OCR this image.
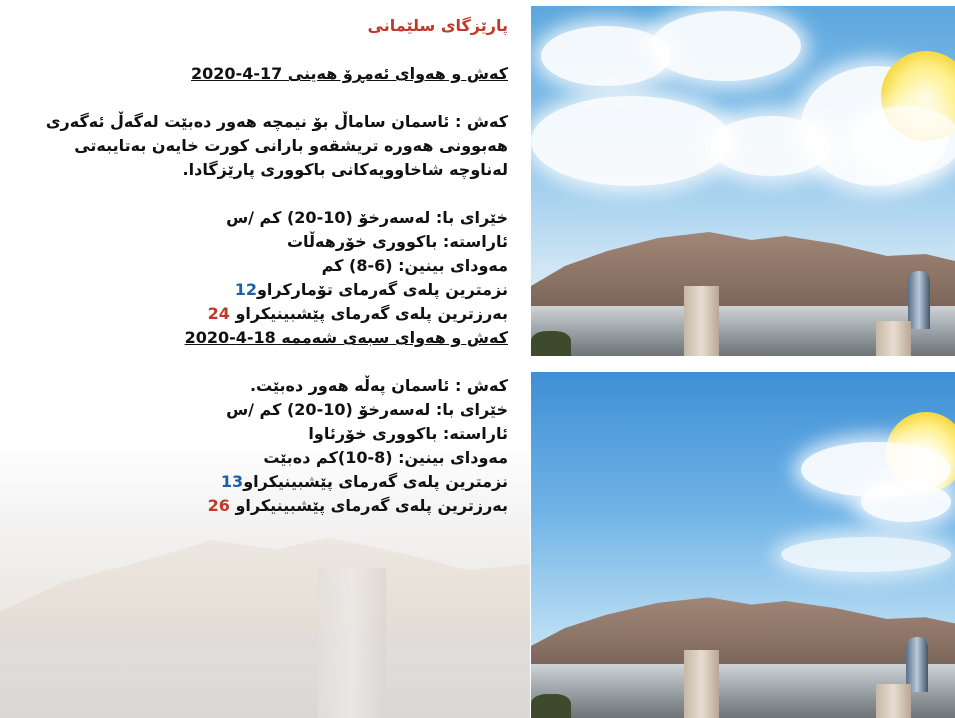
پارێزگای سلێمانی
کەش و هەوای ئەمڕۆ هەینی 17-4-2020
کەش : ئاسمان ساماڵ بۆ نیمچە هەور دەبێت لەگەڵ ئەگەری
هەبوونی هەورە تریشقەو بارانی کورت خایەن بەتایبەتی
لەناوچە شاخاوویەکانی باکووری پارێزگادا.
خێرای با: لەسەرخۆ (10-20) کم /س
ئاراستە: باکووری خۆرهەڵات
مەودای بینین: (6-8) کم
نزمترین پلەی گەرمای تۆمارکراو12
بەرزترین پلەی گەرمای پێشبینیکراو 24
کەش و هەوای سبەی شەممە 18-4-2020
کەش : ئاسمان پەڵە هەور دەبێت.
خێرای با: لەسەرخۆ (10-20) کم /س
ئاراستە: باکووری خۆرئاوا
مەودای بینین: (8-10)کم دەبێت
نزمترین پلەی گەرمای پێشبینیکراو13
بەرزترین پلەی گەرمای پێشبینیکراو 26
